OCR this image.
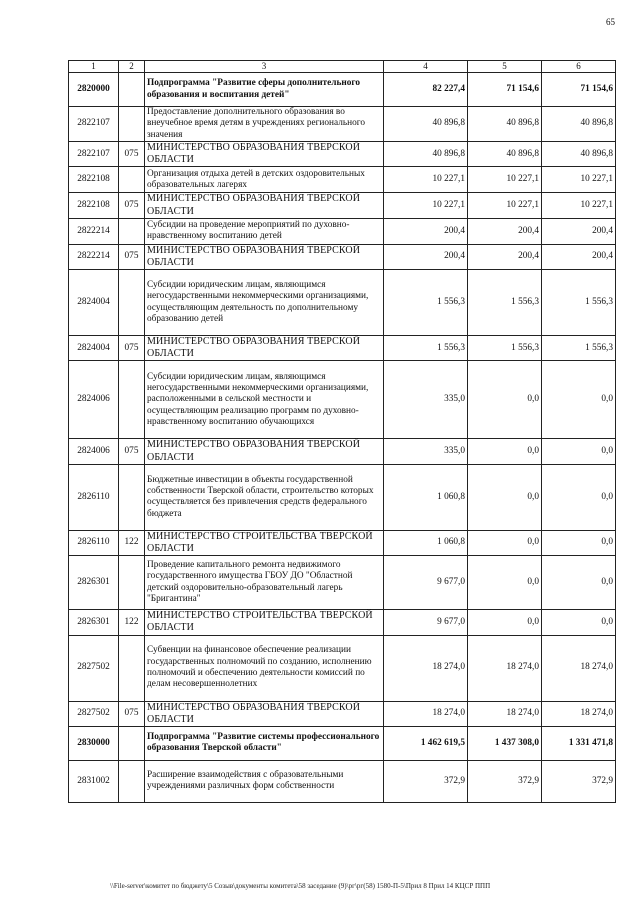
65
1	2	3	4	5	6
2820000		Подпрограмма "Развитие сферы дополнительного образования и воспитания детей"	82 227,4	71 154,6	71 154,6
2822107		Предоставление дополнительного образования во внеучебное время детям в учреждениях регионального значения	40 896,8	40 896,8	40 896,8
2822107	075	МИНИСТЕРСТВО ОБРАЗОВАНИЯ ТВЕРСКОЙ ОБЛАСТИ	40 896,8	40 896,8	40 896,8
2822108		Организация отдыха детей в детских оздоровительных образовательных лагерях	10 227,1	10 227,1	10 227,1
2822108	075	МИНИСТЕРСТВО ОБРАЗОВАНИЯ ТВЕРСКОЙ ОБЛАСТИ	10 227,1	10 227,1	10 227,1
2822214		Субсидии на проведение мероприятий по духовно-нравственному воспитанию детей	200,4	200,4	200,4
2822214	075	МИНИСТЕРСТВО ОБРАЗОВАНИЯ ТВЕРСКОЙ ОБЛАСТИ	200,4	200,4	200,4
2824004		Субсидии юридическим лицам, являющимся негосударственными некоммерческими организациями, осуществляющим деятельность по дополнительному образованию детей	1 556,3	1 556,3	1 556,3
2824004	075	МИНИСТЕРСТВО ОБРАЗОВАНИЯ ТВЕРСКОЙ ОБЛАСТИ	1 556,3	1 556,3	1 556,3
2824006		Субсидии юридическим лицам, являющимся негосударственными некоммерческими организациями, расположенными в сельской местности и осуществляющим реализацию программ по духовно-нравственному воспитанию обучающихся	335,0	0,0	0,0
2824006	075	МИНИСТЕРСТВО ОБРАЗОВАНИЯ ТВЕРСКОЙ ОБЛАСТИ	335,0	0,0	0,0
2826110		Бюджетные инвестиции в объекты государственной собственности Тверской области, строительство которых осуществляется без привлечения средств федерального бюджета	1 060,8	0,0	0,0
2826110	122	МИНИСТЕРСТВО СТРОИТЕЛЬСТВА ТВЕРСКОЙ ОБЛАСТИ	1 060,8	0,0	0,0
2826301		Проведение капитального ремонта недвижимого государственного имущества ГБОУ ДО "Областной детский оздоровительно-образовательный лагерь "Бригантина"	9 677,0	0,0	0,0
2826301	122	МИНИСТЕРСТВО СТРОИТЕЛЬСТВА ТВЕРСКОЙ ОБЛАСТИ	9 677,0	0,0	0,0
2827502		Субвенции на финансовое обеспечение реализации государственных полномочий по созданию, исполнению полномочий и обеспечению деятельности комиссий по делам несовершеннолетних	18 274,0	18 274,0	18 274,0
2827502	075	МИНИСТЕРСТВО ОБРАЗОВАНИЯ ТВЕРСКОЙ ОБЛАСТИ	18 274,0	18 274,0	18 274,0
2830000		Подпрограмма "Развитие системы профессионального образования Тверской области"	1 462 619,5	1 437 308,0	1 331 471,8
2831002		Расширение взаимодействия с образовательными учреждениями различных форм собственности	372,9	372,9	372,9
\\File-server\комитет по бюджету\5 Созыв\документы комитета\58 заседание (9)\рг\рг(58) 1580-П-5\Прил 8 Прил 14 КЦСР ППП
